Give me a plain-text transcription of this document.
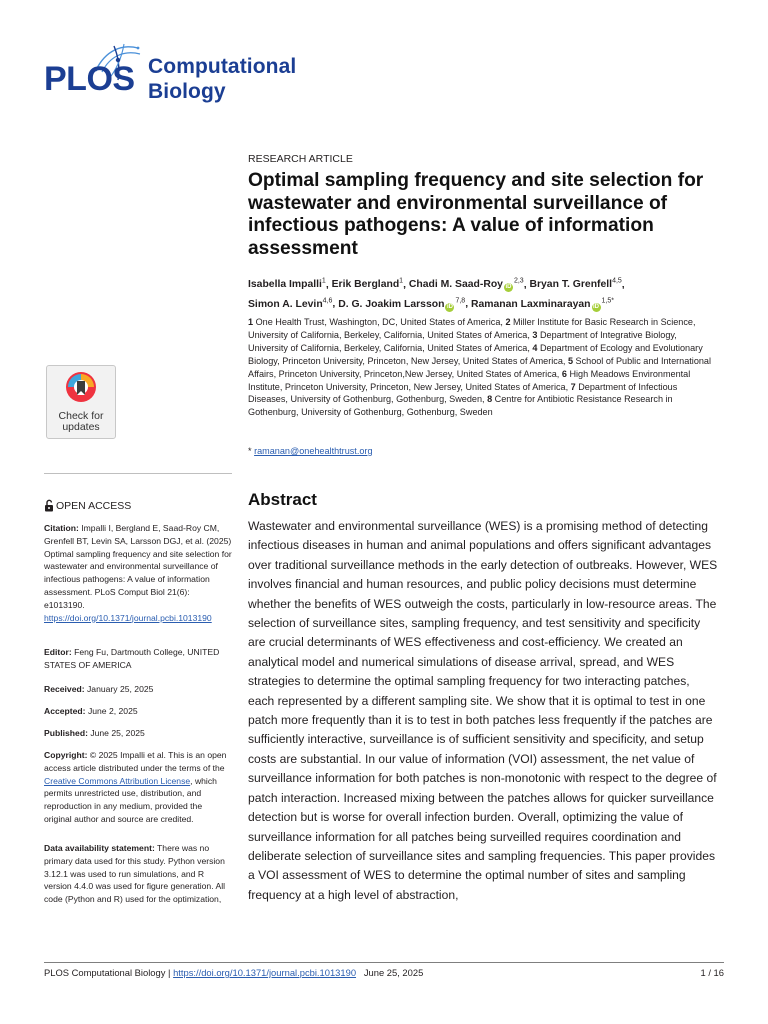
PLOS Computational
Biology
Check for
updates
OPEN ACCESS
Citation: Impalli I, Bergland E, Saad-Roy CM, Grenfell BT, Levin SA, Larsson DGJ, et al. (2025) Optimal sampling frequency and site selection for wastewater and environmental surveillance of infectious pathogens: A value of information assessment. PLoS Comput Biol 21(6): e1013190. https://doi.org/10.1371/journal.pcbi.1013190
Editor: Feng Fu, Dartmouth College, UNITED STATES OF AMERICA
Received: January 25, 2025
Accepted: June 2, 2025
Published: June 25, 2025
Copyright: © 2025 Impalli et al. This is an open access article distributed under the terms of the Creative Commons Attribution License, which permits unrestricted use, distribution, and reproduction in any medium, provided the original author and source are credited.
Data availability statement: There was no primary data used for this study. Python version 3.12.1 was used to run simulations, and R version 4.4.0 was used for figure generation. All code (Python and R) used for the optimization,
RESEARCH ARTICLE
Optimal sampling frequency and site selection for wastewater and environmental surveillance of infectious pathogens: A value of information assessment
Isabella Impalli$^1$, Erik Bergland$^1$, Chadi M. Saad-Roy iD$^{2,3}$, Bryan T. Grenfell$^{4,5}$,
Simon A. Levin$^{4,6}$, D. G. Joakim Larsson iD$^{7,8}$, Ramanan Laxminarayan $iD^{1,5*}$
1 One Health Trust, Washington, DC, United States of America, 2 Miller Institute for Basic Research in Science, University of California, Berkeley, California, United States of America, 3 Department of Integrative Biology, University of California, Berkeley, California, United States of America, 4 Department of Ecology and Evolutionary Biology, Princeton University, Princeton, New Jersey, United States of America, 5 School of Public and International Affairs, Princeton University, Princeton,New Jersey, United States of America, 6 High Meadows Environmental Institute, Princeton University, Princeton, New Jersey, United States of America, 7 Department of Infectious Diseases, University of Gothenburg, Gothenburg, Sweden, 8 Centre for Antibiotic Resistance Research in Gothenburg, University of Gothenburg, Gothenburg, Sweden
* ramanan@onehealthtrust.org
Abstract
Wastewater and environmental surveillance (WES) is a promising method of detecting infectious diseases in human and animal populations and offers significant advantages over traditional surveillance methods in the early detection of outbreaks. However, WES involves financial and human resources, and public policy decisions must determine whether the benefits of WES outweigh the costs, particularly in low-resource areas. The selection of surveillance sites, sampling frequency, and test sensitivity and specificity are crucial determinants of WES effectiveness and cost-efficiency. We created an analytical model and numerical simulations of disease arrival, spread, and WES strategies to determine the optimal sampling frequency for two interacting patches, each represented by a different sampling site. We show that it is optimal to test in one patch more frequently than it is to test in both patches less frequently if the patches are sufficiently interactive, surveillance is of sufficient sensitivity and specificity, and setup costs are substantial. In our value of information (VOI) assessment, the net value of surveillance information for both patches is non-monotonic with respect to the degree of patch interaction. Increased mixing between the patches allows for quicker surveillance detection but is worse for overall infection burden. Overall, optimizing the value of surveillance information for all patches being surveilled requires coordination and deliberate selection of surveillance sites and sampling frequencies. This paper provides a VOI assessment of WES to determine the optimal number of sites and sampling frequency at a high level of abstraction,
PLOS Computational Biology | https://doi.org/10.1371/journal.pcbi.1013190 June 25, 2025	1 / 16
